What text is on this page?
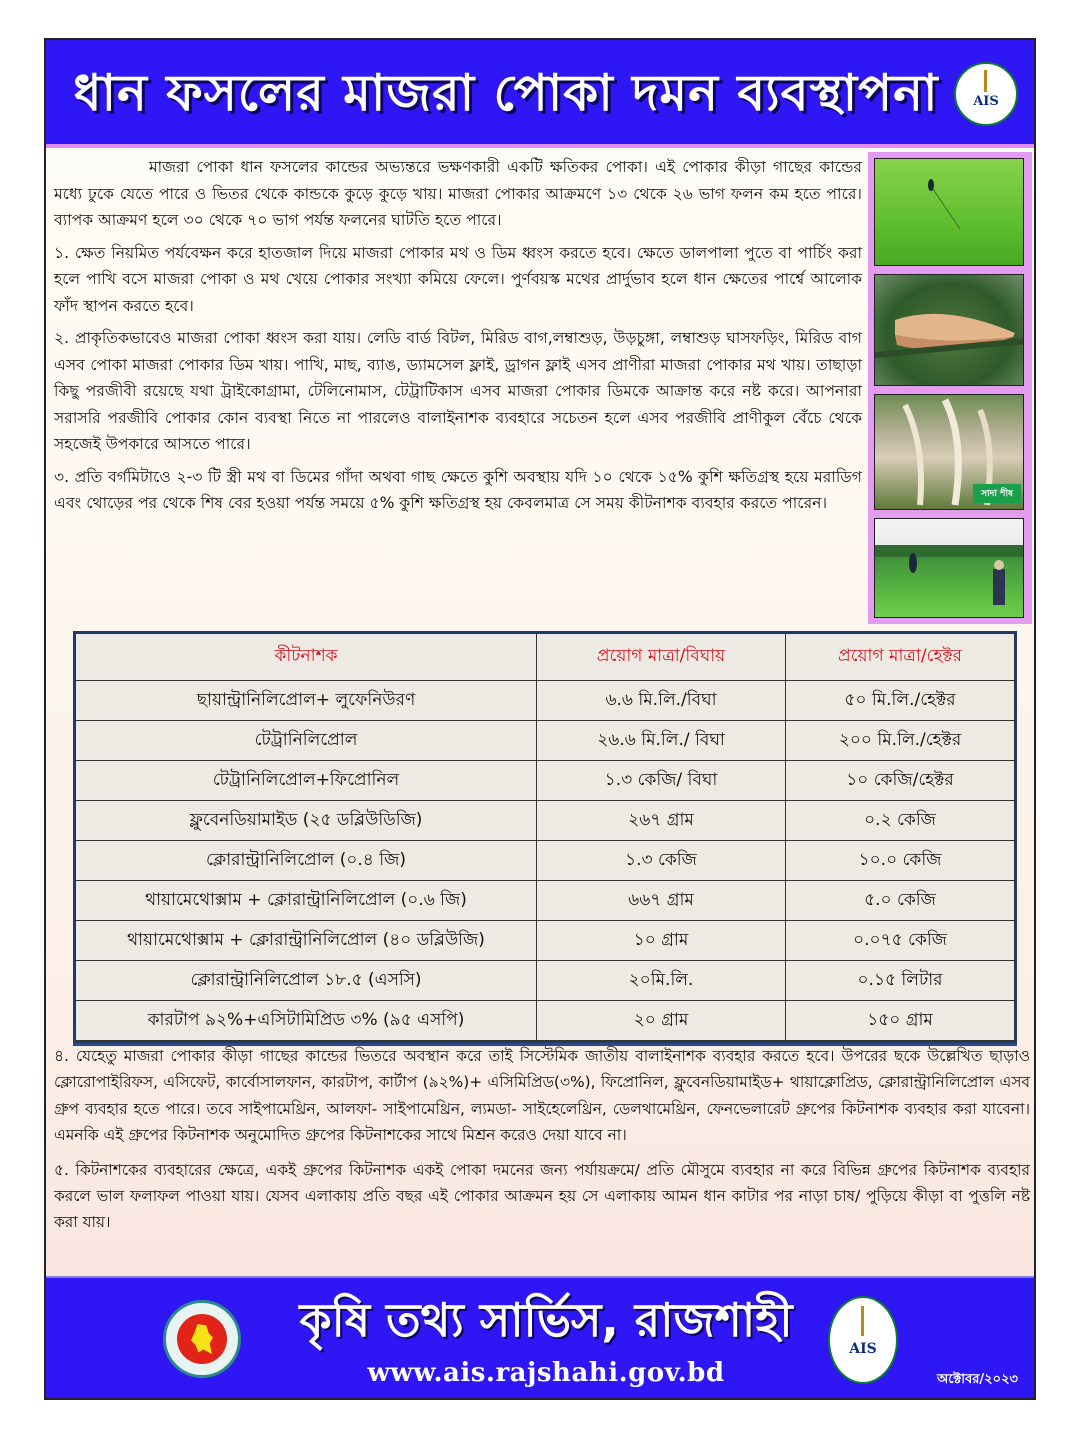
ধান ফসলের মাজরা পোকা দমন ব্যবস্থাপনা	AIS

মাজরা পোকা ধান ফসলের কান্ডের অভ্যন্তরে ভক্ষণকারী একটি ক্ষতিকর পোকা। এই পোকার কীড়া গাছের কান্ডের মধ্যে ঢুকে যেতে পারে ও ভিতর থেকে কান্ডকে কুড়ে কুড়ে খায়। মাজরা পোকার আক্রমণে ১৩ থেকে ২৬ ভাগ ফলন কম হতে পারে। ব্যাপক আক্রমণ হলে ৩০ থেকে ৭০ ভাগ পর্যন্ত ফলনের ঘাটতি হতে পারে।

১. ক্ষেত নিয়মিত পর্যবেক্ষন করে হাতজাল দিয়ে মাজরা পোকার মথ ও ডিম ধ্বংস করতে হবে। ক্ষেতে ডালপালা পুতে বা পার্চিং করা হলে পাখি বসে মাজরা পোকা ও মথ খেয়ে পোকার সংখ্যা কমিয়ে ফেলে। পুর্ণবয়স্ক মথের প্রার্দুভাব হলে ধান ক্ষেতের পার্শ্বে আলোক ফাঁদ স্থাপন করতে হবে।

২. প্রাকৃতিকভাবেও মাজরা পোকা ধ্বংস করা যায়। লেডি বার্ড বিটল, মিরিড বাগ,লম্বাশুড়, উড়চুঙ্গা, লম্বাশুড় ঘাসফড়িং, মিরিড বাগ এসব পোকা মাজরা পোকার ডিম খায়। পাখি, মাছ, ব্যাঙ, ড্যামসেল ফ্লাই, ড্রাগন ফ্লাই এসব প্রাণীরা মাজরা পোকার মথ খায়। তাছাড়া কিছু পরজীবী রয়েছে যথা ট্রাইকোগ্রামা, টেলিনোমাস, টেট্রাটিকাস এসব মাজরা পোকার ডিমকে আক্রান্ত করে নষ্ট করে। আপনারা সরাসরি পরজীবি পোকার কোন ব্যবস্থা নিতে না পারলেও বালাইনাশক ব্যবহারে সচেতন হলে এসব পরজীবি প্রাণীকুল বেঁচে থেকে সহজেই উপকারে আসতে পারে।

৩. প্রতি বর্গমিটাওে ২-৩ টি স্ত্রী মথ বা ডিমের গাঁদা অথবা গাছ ক্ষেতে কুশি অবস্থায় যদি ১০ থেকে ১৫% কুশি ক্ষতিগ্রস্থ হয়ে মরাডিগ এবং থোড়ের পর থেকে শিষ বের হওয়া পর্যন্ত সময়ে ৫% কুশি ক্ষতিগ্রস্থ হয় কেবলমাত্র সে সময় কীটনাশক ব্যবহার করতে পারেন।	সাদা শীষ
কীটনাশক	প্রয়োগ মাত্রা/বিঘায়	প্রয়োগ মাত্রা/হেক্টর
ছায়ান্ট্রানিলিপ্রোল+ লুফেনিউরণ	৬.৬ মি.লি./বিঘা	৫০ মি.লি./হেক্টর
টেট্রানিলিপ্রোল	২৬.৬ মি.লি./ বিঘা	২০০ মি.লি./হেক্টর
টেট্রানিলিপ্রোল+ফিপ্রোনিল	১.৩ কেজি/ বিঘা	১০ কেজি/হেক্টর
ফ্লুবেনডিয়ামাইড (২৫ ডব্লিউডিজি)	২৬৭ গ্রাম	০.২ কেজি
ক্লোরান্ট্রানিলিপ্রোল (০.৪ জি)	১.৩ কেজি	১০.০ কেজি
থায়ামেথোক্সাম + ক্লোরান্ট্রানিলিপ্রোল (০.৬ জি)	৬৬৭ গ্রাম	৫.০ কেজি
থায়ামেথোক্সাম + ক্লোরান্ট্রানিলিপ্রোল (৪০ ডব্লিউজি)	১০ গ্রাম	০.০৭৫ কেজি
ক্লোরান্ট্রানিলিপ্রোল ১৮.৫ (এসসি)	২০মি.লি.	০.১৫ লিটার
কারটাপ ৯২%+এসিটামিপ্রিড ৩% (৯৫ এসপি)	২০ গ্রাম	১৫০ গ্রাম

৪. যেহেতু মাজরা পোকার কীড়া গাছের কান্ডের ভিতরে অবস্থান করে তাই সিস্টেমিক জাতীয় বালাইনাশক ব্যবহার করতে হবে। উপরের ছকে উল্লেখিত ছাড়াও ক্লোরোপাইরিফস, এসিফেট, কার্বোসালফান, কারটাপ, কার্টাপ (৯২%)+ এসিমিপ্রিড(৩%), ফিপ্রোনিল, ফ্লুবেনডিয়ামাইড+ থায়াক্লোপ্রিড, ক্লোরান্ট্রানিলিপ্রোল এসব গ্রুপ ব্যবহার হতে পারে। তবে সাইপামেথ্রিন, আলফা- সাইপামেথ্রিন, ল্যমডা- সাইহেলেথ্রিন, ডেলথামেথ্রিন, ফেনভেলারেট গ্রুপের কিটনাশক ব্যবহার করা যাবেনা। এমনকি এই গ্রুপের কিটনাশক অনুমোদিত গ্রুপের কিটনাশকের সাথে মিশ্রন করেও দেয়া যাবে না।

৫. কিটনাশকের ব্যবহারের ক্ষেত্রে, একই গ্রুপের কিটনাশক একই পোকা দমনের জন্য পর্যায়ক্রমে/ প্রতি মৌসুমে ব্যবহার না করে বিভিন্ন গ্রুপের কিটনাশক ব্যবহার করলে ভাল ফলাফল পাওয়া যায়। যেসব এলাকায় প্রতি বছর এই পোকার আক্রমন হয় সে এলাকায় আমন ধান কাটার পর নাড়া চাষ/ পুড়িয়ে কীড়া বা পুত্তলি নষ্ট করা যায়।

কৃষি তথ্য সার্ভিস, রাজশাহী
www.ais.rajshahi.gov.bd
AIS
অক্টোবর/২০২৩
